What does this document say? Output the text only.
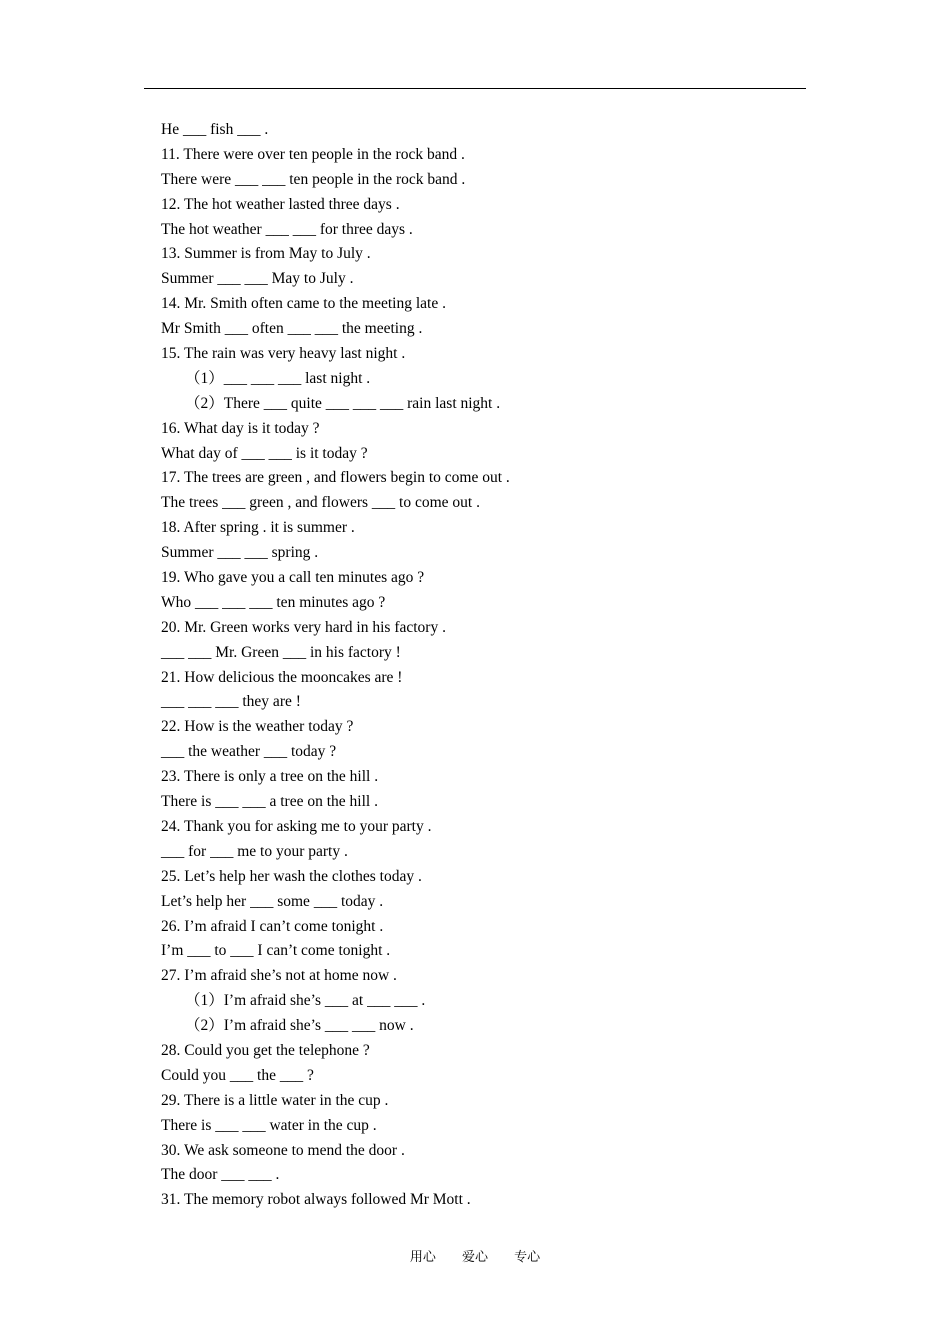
He ___ fish ___ .
11. There were over ten people in the rock band .
There were ___ ___ ten people in the rock band .
12. The hot weather lasted three days .
The hot weather ___ ___ for three days .
13. Summer is from May to July .
Summer ___ ___ May to July .
14. Mr. Smith often came to the meeting late .
Mr Smith ___ often ___ ___ the meeting .
15. The rain was very heavy last night .
（1）___ ___ ___ last night .
（2）There ___ quite ___ ___ ___ rain last night .
16. What day is it today ?
What day of ___ ___ is it today ?
17. The trees are green , and flowers begin to come out .
The trees ___ green , and flowers ___ to come out .
18. After spring . it is summer .
Summer ___ ___ spring .
19. Who gave you a call ten minutes ago ?
Who ___ ___ ___ ten minutes ago ?
20. Mr. Green works very hard in his factory .
___ ___ Mr. Green ___ in his factory !
21. How delicious the mooncakes are !
___ ___ ___ they are !
22. How is the weather today ?
___ the weather ___ today ?
23. There is only a tree on the hill .
There is ___ ___ a tree on the hill .
24. Thank you for asking me to your party .
___ for ___ me to your party .
25. Let’s help her wash the clothes today .
Let’s help her ___ some ___ today .
26. I’m afraid I can’t come tonight .
I’m ___ to ___ I can’t come tonight .
27. I’m afraid she’s not at home now .
（1）I’m afraid she’s ___ at ___ ___ .
（2）I’m afraid she’s ___ ___ now .
28. Could you get the telephone ?
Could you ___ the ___ ?
29. There is a little water in the cup .
There is ___ ___ water in the cup .
30. We ask someone to mend the door .
The door ___ ___ .
31. The memory robot always followed Mr Mott .
用心 爱心 专心
